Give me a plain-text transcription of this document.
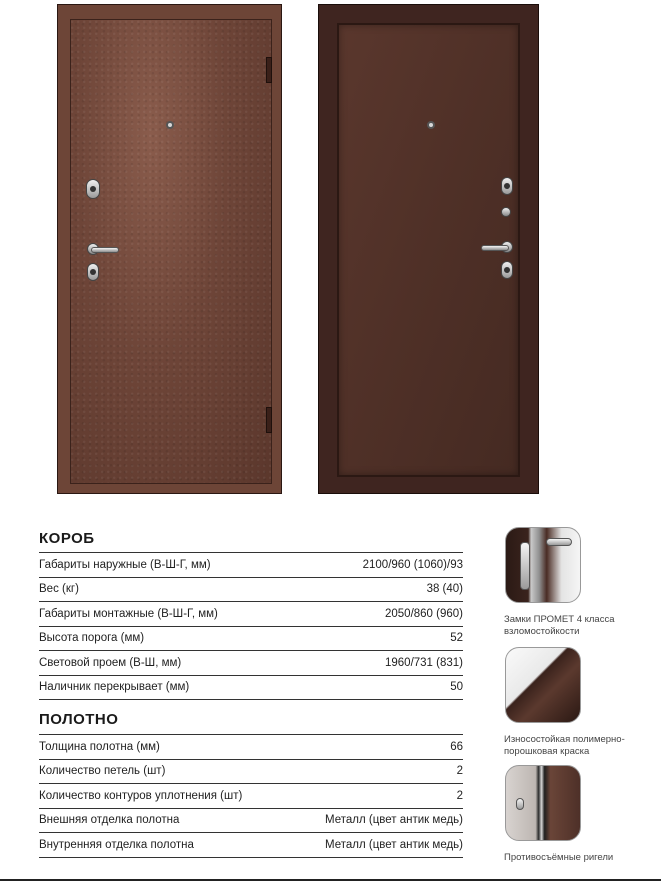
КОРОБ
Габариты наружные (В-Ш-Г, мм)	2100/960 (1060)/93
Вес (кг)	38 (40)
Габариты монтажные (В-Ш-Г, мм)	2050/860 (960)
Высота порога (мм)	52
Световой проем (В-Ш, мм)	1960/731 (831)
Наличник перекрывает (мм)	50
ПОЛОТНО
Толщина полотна (мм)	66
Количество петель (шт)	2
Количество контуров уплотнения (шт)	2
Внешняя отделка полотна	Металл (цвет антик медь)
Внутренняя отделка полотна	Металл (цвет антик медь)
Замки ПРОМЕТ 4 класса взломостойкости
Износостойкая полимерно-порошковая краска
Противосъёмные ригели
